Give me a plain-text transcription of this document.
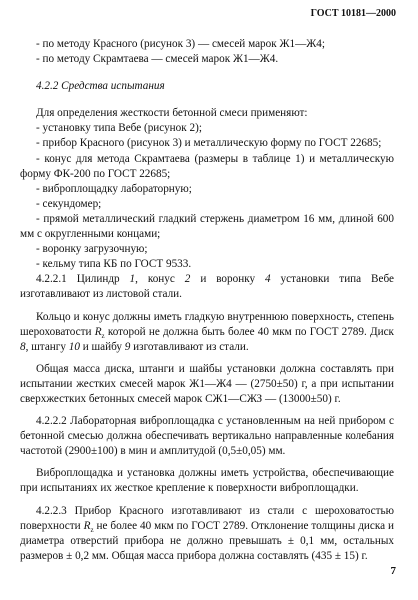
ГОСТ 10181—2000

- по методу Красного (рисунок 3) — смесей марок Ж1—Ж4;

- по методу Скрамтаева — смесей марок Ж1—Ж4.

4.2.2 Средства испытания

Для определения жесткости бетонной смеси применяют:

- установку типа Вебе (рисунок 2);

- прибор Красного (рисунок 3) и металлическую форму по ГОСТ 22685;

- конус для метода Скрамтаева (размеры в таблице 1) и металлическую форму ФК-200 по ГОСТ 22685;

- виброплощадку лабораторную;

- секундомер;

- прямой металлический гладкий стержень диаметром 16 мм, длиной 600 мм с округленными концами;

- воронку загрузочную;

- кельму типа КБ по ГОСТ 9533.

4.2.2.1 Цилиндр 1, конус 2 и воронку 4 установки типа Вебе изготавливают из листовой стали.

Кольцо и конус должны иметь гладкую внутреннюю поверхность, степень шероховатости $R_z$ которой не должна быть более 40 мкм по ГОСТ 2789. Диск 8, штангу 10 и шайбу 9 изготавливают из стали.

Общая масса диска, штанги и шайбы установки должна составлять при испытании жестких смесей марок Ж1—Ж4 — (2750±50) г, а при испытании сверхжестких бетонных смесей марок СЖ1—СЖЗ — (13000±50) г.

4.2.2.2 Лабораторная виброплощадка с установленным на ней прибором с бетонной смесью должна обеспечивать вертикально направленные колебания частотой (2900±100) в мин и амплитудой (0,5±0,05) мм.

Виброплощадка и установка должны иметь устройства, обеспечивающие при испытаниях их жесткое крепление к поверхности виброплощадки.

4.2.2.3 Прибор Красного изготавливают из стали с шероховатостью поверхности $R_z$ не более 40 мкм по ГОСТ 2789. Отклонение толщины диска и диаметра отверстий прибора не должно превышать ± 0,1 мм, остальных размеров ± 0,2 мм. Общая масса прибора должна составлять (435 ± 15) г.

7
